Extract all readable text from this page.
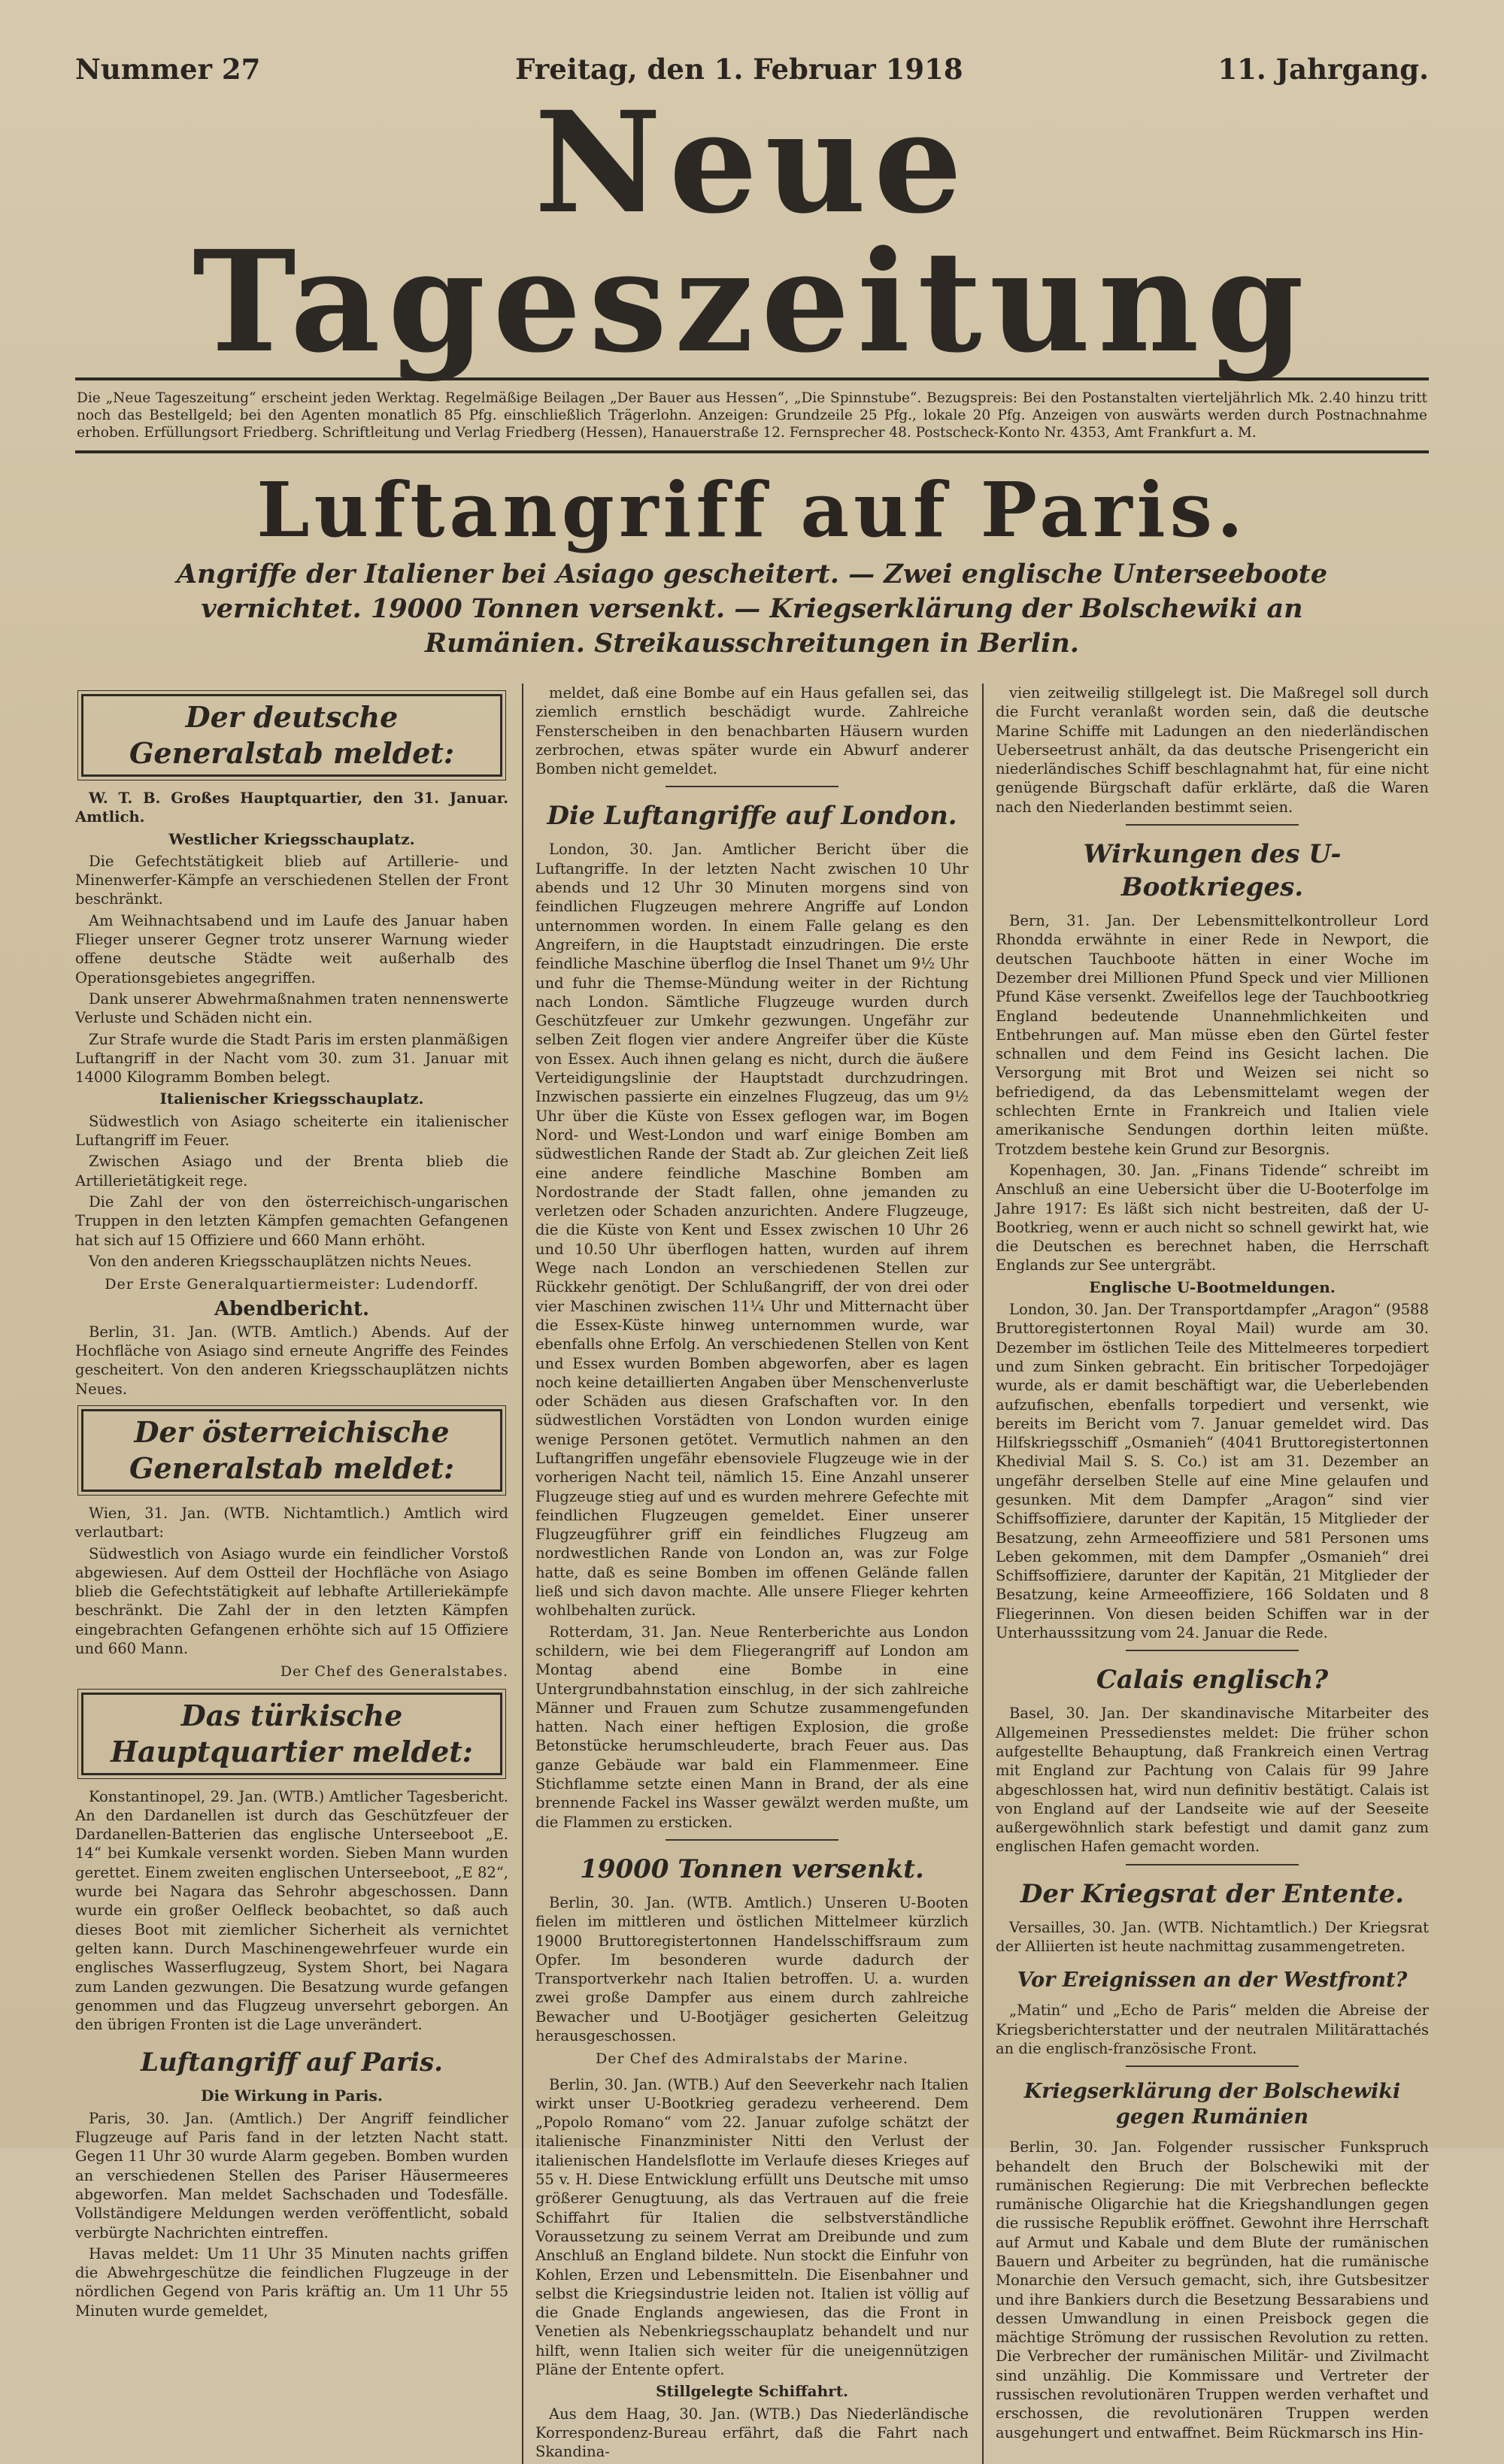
Nummer 27	Freitag, den 1. Februar 1918	11. Jahrgang.
Neue Tageszeitung
Die „Neue Tageszeitung“ erscheint jeden Werktag. Regelmäßige Beilagen „Der Bauer aus Hessen“, „Die Spinnstube“. Bezugspreis: Bei den Postanstalten vierteljährlich Mk. 2.40 hinzu tritt noch das Bestellgeld; bei den Agenten monatlich 85 Pfg. einschließlich Trägerlohn. Anzeigen: Grundzeile 25 Pfg., lokale 20 Pfg. Anzeigen von auswärts werden durch Postnachnahme erhoben. Erfüllungsort Friedberg. Schriftleitung und Verlag Friedberg (Hessen), Hanauerstraße 12. Fernsprecher 48. Postscheck-Konto Nr. 4353, Amt Frankfurt a. M.
Luftangriff auf Paris.
Angriffe der Italiener bei Asiago gescheitert. — Zwei englische Unterseeboote vernichtet. 19000 Tonnen versenkt. — Kriegserklärung der Bolschewiki an Rumänien. Streikausschreitungen in Berlin.
Der deutsche Generalstab meldet:

W. T. B. Großes Hauptquartier, den 31. Januar. Amtlich.

Westlicher Kriegsschauplatz.

Die Gefechtstätigkeit blieb auf Artillerie- und Minenwerfer-Kämpfe an verschiedenen Stellen der Front beschränkt.

Am Weihnachtsabend und im Laufe des Januar haben Flieger unserer Gegner trotz unserer Warnung wieder offene deutsche Städte weit außerhalb des Operationsgebietes angegriffen.

Dank unserer Abwehrmaßnahmen traten nennenswerte Verluste und Schäden nicht ein.

Zur Strafe wurde die Stadt Paris im ersten planmäßigen Luftangriff in der Nacht vom 30. zum 31. Januar mit 14000 Kilogramm Bomben belegt.

Italienischer Kriegsschauplatz.

Südwestlich von Asiago scheiterte ein italienischer Luftangriff im Feuer.

Zwischen Asiago und der Brenta blieb die Artillerietätigkeit rege.

Die Zahl der von den österreichisch-ungarischen Truppen in den letzten Kämpfen gemachten Gefangenen hat sich auf 15 Offiziere und 660 Mann erhöht.

Von den anderen Kriegsschauplätzen nichts Neues.

Der Erste Generalquartiermeister: Ludendorff.
Abendbericht.

Berlin, 31. Jan. (WTB. Amtlich.) Abends. Auf der Hochfläche von Asiago sind erneute Angriffe des Feindes gescheitert. Von den anderen Kriegsschauplätzen nichts Neues.

Der österreichische Generalstab meldet:

Wien, 31. Jan. (WTB. Nichtamtlich.) Amtlich wird verlautbart:

Südwestlich von Asiago wurde ein feindlicher Vorstoß abgewiesen. Auf dem Ostteil der Hochfläche von Asiago blieb die Gefechtstätigkeit auf lebhafte Artilleriekämpfe beschränkt. Die Zahl der in den letzten Kämpfen eingebrachten Gefangenen erhöhte sich auf 15 Offiziere und 660 Mann.

Der Chef des Generalstabes.
Das türkische Hauptquartier meldet:

Konstantinopel, 29. Jan. (WTB.) Amtlicher Tagesbericht. An den Dardanellen ist durch das Geschützfeuer der Dardanellen-Batterien das englische Unterseeboot „E. 14“ bei Kumkale versenkt worden. Sieben Mann wurden gerettet. Einem zweiten englischen Unterseeboot, „E 82“, wurde bei Nagara das Sehrohr abgeschossen. Dann wurde ein großer Oelfleck beobachtet, so daß auch dieses Boot mit ziemlicher Sicherheit als vernichtet gelten kann. Durch Maschinengewehrfeuer wurde ein englisches Wasserflugzeug, System Short, bei Nagara zum Landen gezwungen. Die Besatzung wurde gefangen genommen und das Flugzeug unversehrt geborgen. An den übrigen Fronten ist die Lage unverändert.

Luftangriff auf Paris.
Die Wirkung in Paris.

Paris, 30. Jan. (Amtlich.) Der Angriff feindlicher Flugzeuge auf Paris fand in der letzten Nacht statt. Gegen 11 Uhr 30 wurde Alarm gegeben. Bomben wurden an verschiedenen Stellen des Pariser Häusermeeres abgeworfen. Man meldet Sachschaden und Todesfälle. Vollständigere Meldungen werden veröffentlicht, sobald verbürgte Nachrichten eintreffen.

Havas meldet: Um 11 Uhr 35 Minuten nachts griffen die Abwehrgeschütze die feindlichen Flugzeuge in der nördlichen Gegend von Paris kräftig an. Um 11 Uhr 55 Minuten wurde gemeldet,

meldet, daß eine Bombe auf ein Haus gefallen sei, das ziemlich ernstlich beschädigt wurde. Zahlreiche Fensterscheiben in den benachbarten Häusern wurden zerbrochen, etwas später wurde ein Abwurf anderer Bomben nicht gemeldet.

Die Luftangriffe auf London.

London, 30. Jan. Amtlicher Bericht über die Luftangriffe. In der letzten Nacht zwischen 10 Uhr abends und 12 Uhr 30 Minuten morgens sind von feindlichen Flugzeugen mehrere Angriffe auf London unternommen worden. In einem Falle gelang es den Angreifern, in die Hauptstadt einzudringen. Die erste feindliche Maschine überflog die Insel Thanet um 9½ Uhr und fuhr die Themse-Mündung weiter in der Richtung nach London. Sämtliche Flugzeuge wurden durch Geschützfeuer zur Umkehr gezwungen. Ungefähr zur selben Zeit flogen vier andere Angreifer über die Küste von Essex. Auch ihnen gelang es nicht, durch die äußere Verteidigungslinie der Hauptstadt durchzudringen. Inzwischen passierte ein einzelnes Flugzeug, das um 9½ Uhr über die Küste von Essex geflogen war, im Bogen Nord- und West-London und warf einige Bomben am südwestlichen Rande der Stadt ab. Zur gleichen Zeit ließ eine andere feindliche Maschine Bomben am Nordostrande der Stadt fallen, ohne jemanden zu verletzen oder Schaden anzurichten. Andere Flugzeuge, die die Küste von Kent und Essex zwischen 10 Uhr 26 und 10.50 Uhr überflogen hatten, wurden auf ihrem Wege nach London an verschiedenen Stellen zur Rückkehr genötigt. Der Schlußangriff, der von drei oder vier Maschinen zwischen 11¼ Uhr und Mitternacht über die Essex-Küste hinweg unternommen wurde, war ebenfalls ohne Erfolg. An verschiedenen Stellen von Kent und Essex wurden Bomben abgeworfen, aber es lagen noch keine detaillierten Angaben über Menschenverluste oder Schäden aus diesen Grafschaften vor. In den südwestlichen Vorstädten von London wurden einige wenige Personen getötet. Vermutlich nahmen an den Luftangriffen ungefähr ebensoviele Flugzeuge wie in der vorherigen Nacht teil, nämlich 15. Eine Anzahl unserer Flugzeuge stieg auf und es wurden mehrere Gefechte mit feindlichen Flugzeugen gemeldet. Einer unserer Flugzeugführer griff ein feindliches Flugzeug am nordwestlichen Rande von London an, was zur Folge hatte, daß es seine Bomben im offenen Gelände fallen ließ und sich davon machte. Alle unsere Flieger kehrten wohlbehalten zurück.

Rotterdam, 31. Jan. Neue Renterberichte aus London schildern, wie bei dem Fliegerangriff auf London am Montag abend eine Bombe in eine Untergrundbahnstation einschlug, in der sich zahlreiche Männer und Frauen zum Schutze zusammengefunden hatten. Nach einer heftigen Explosion, die große Betonstücke herumschleuderte, brach Feuer aus. Das ganze Gebäude war bald ein Flammenmeer. Eine Stichflamme setzte einen Mann in Brand, der als eine brennende Fackel ins Wasser gewälzt werden mußte, um die Flammen zu ersticken.

19000 Tonnen versenkt.

Berlin, 30. Jan. (WTB. Amtlich.) Unseren U-Booten fielen im mittleren und östlichen Mittelmeer kürzlich 19000 Bruttoregistertonnen Handelsschiffsraum zum Opfer. Im besonderen wurde dadurch der Transportverkehr nach Italien betroffen. U. a. wurden zwei große Dampfer aus einem durch zahlreiche Bewacher und U-Bootjäger gesicherten Geleitzug herausgeschossen.

Der Chef des Admiralstabs der Marine.

Berlin, 30. Jan. (WTB.) Auf den Seeverkehr nach Italien wirkt unser U-Bootkrieg geradezu verheerend. Dem „Popolo Romano“ vom 22. Januar zufolge schätzt der italienische Finanzminister Nitti den Verlust der italienischen Handelsflotte im Verlaufe dieses Krieges auf 55 v. H. Diese Entwicklung erfüllt uns Deutsche mit umso größerer Genugtuung, als das Vertrauen auf die freie Schiffahrt für Italien die selbstverständliche Voraussetzung zu seinem Verrat am Dreibunde und zum Anschluß an England bildete. Nun stockt die Einfuhr von Kohlen, Erzen und Lebensmitteln. Die Eisenbahner und selbst die Kriegsindustrie leiden not. Italien ist völlig auf die Gnade Englands angewiesen, das die Front in Venetien als Nebenkriegsschauplatz behandelt und nur hilft, wenn Italien sich weiter für die uneigennützigen Pläne der Entente opfert.

Stillgelegte Schiffahrt.

Aus dem Haag, 30. Jan. (WTB.) Das Niederländische Korrespondenz-Bureau erfährt, daß die Fahrt nach Skandina-

vien zeitweilig stillgelegt ist. Die Maßregel soll durch die Furcht veranlaßt worden sein, daß die deutsche Marine Schiffe mit Ladungen an den niederländischen Ueberseetrust anhält, da das deutsche Prisengericht ein niederländisches Schiff beschlagnahmt hat, für eine nicht genügende Bürgschaft dafür erklärte, daß die Waren nach den Niederlanden bestimmt seien.

Wirkungen des U-Bootkrieges.

Bern, 31. Jan. Der Lebensmittelkontrolleur Lord Rhondda erwähnte in einer Rede in Newport, die deutschen Tauchboote hätten in einer Woche im Dezember drei Millionen Pfund Speck und vier Millionen Pfund Käse versenkt. Zweifellos lege der Tauchbootkrieg England bedeutende Unannehmlichkeiten und Entbehrungen auf. Man müsse eben den Gürtel fester schnallen und dem Feind ins Gesicht lachen. Die Versorgung mit Brot und Weizen sei nicht so befriedigend, da das Lebensmittelamt wegen der schlechten Ernte in Frankreich und Italien viele amerikanische Sendungen dorthin leiten müßte. Trotzdem bestehe kein Grund zur Besorgnis.

Kopenhagen, 30. Jan. „Finans Tidende“ schreibt im Anschluß an eine Uebersicht über die U-Booterfolge im Jahre 1917: Es läßt sich nicht bestreiten, daß der U-Bootkrieg, wenn er auch nicht so schnell gewirkt hat, wie die Deutschen es berechnet haben, die Herrschaft Englands zur See untergräbt.

Englische U-Bootmeldungen.

London, 30. Jan. Der Transportdampfer „Aragon“ (9588 Bruttoregistertonnen Royal Mail) wurde am 30. Dezember im östlichen Teile des Mittelmeeres torpediert und zum Sinken gebracht. Ein britischer Torpedojäger wurde, als er damit beschäftigt war, die Ueberlebenden aufzufischen, ebenfalls torpediert und versenkt, wie bereits im Bericht vom 7. Januar gemeldet wird. Das Hilfskriegsschiff „Osmanieh“ (4041 Bruttoregistertonnen Khedivial Mail S. S. Co.) ist am 31. Dezember an ungefähr derselben Stelle auf eine Mine gelaufen und gesunken. Mit dem Dampfer „Aragon“ sind vier Schiffsoffiziere, darunter der Kapitän, 15 Mitglieder der Besatzung, zehn Armeeoffiziere und 581 Personen ums Leben gekommen, mit dem Dampfer „Osmanieh“ drei Schiffsoffiziere, darunter der Kapitän, 21 Mitglieder der Besatzung, keine Armeeoffiziere, 166 Soldaten und 8 Fliegerinnen. Von diesen beiden Schiffen war in der Unterhausssitzung vom 24. Januar die Rede.

Calais englisch?

Basel, 30. Jan. Der skandinavische Mitarbeiter des Allgemeinen Pressedienstes meldet: Die früher schon aufgestellte Behauptung, daß Frankreich einen Vertrag mit England zur Pachtung von Calais für 99 Jahre abgeschlossen hat, wird nun definitiv bestätigt. Calais ist von England auf der Landseite wie auf der Seeseite außergewöhnlich stark befestigt und damit ganz zum englischen Hafen gemacht worden.

Der Kriegsrat der Entente.

Versailles, 30. Jan. (WTB. Nichtamtlich.) Der Kriegsrat der Alliierten ist heute nachmittag zusammengetreten.

Vor Ereignissen an der Westfront?

„Matin“ und „Echo de Paris“ melden die Abreise der Kriegsberichterstatter und der neutralen Militärattachés an die englisch-französische Front.

Kriegserklärung der Bolschewiki gegen Rumänien

Berlin, 30. Jan. Folgender russischer Funkspruch behandelt den Bruch der Bolschewiki mit der rumänischen Regierung: Die mit Verbrechen befleckte rumänische Oligarchie hat die Kriegshandlungen gegen die russische Republik eröffnet. Gewohnt ihre Herrschaft auf Armut und Kabale und dem Blute der rumänischen Bauern und Arbeiter zu begründen, hat die rumänische Monarchie den Versuch gemacht, sich, ihre Gutsbesitzer und ihre Bankiers durch die Besetzung Bessarabiens und dessen Umwandlung in einen Preisbock gegen die mächtige Strömung der russischen Revolution zu retten. Die Verbrecher der rumänischen Militär- und Zivilmacht sind unzählig. Die Kommissare und Vertreter der russischen revolutionären Truppen werden verhaftet und erschossen, die revolutionären Truppen werden ausgehungert und entwaffnet. Beim Rückmarsch ins Hin-
